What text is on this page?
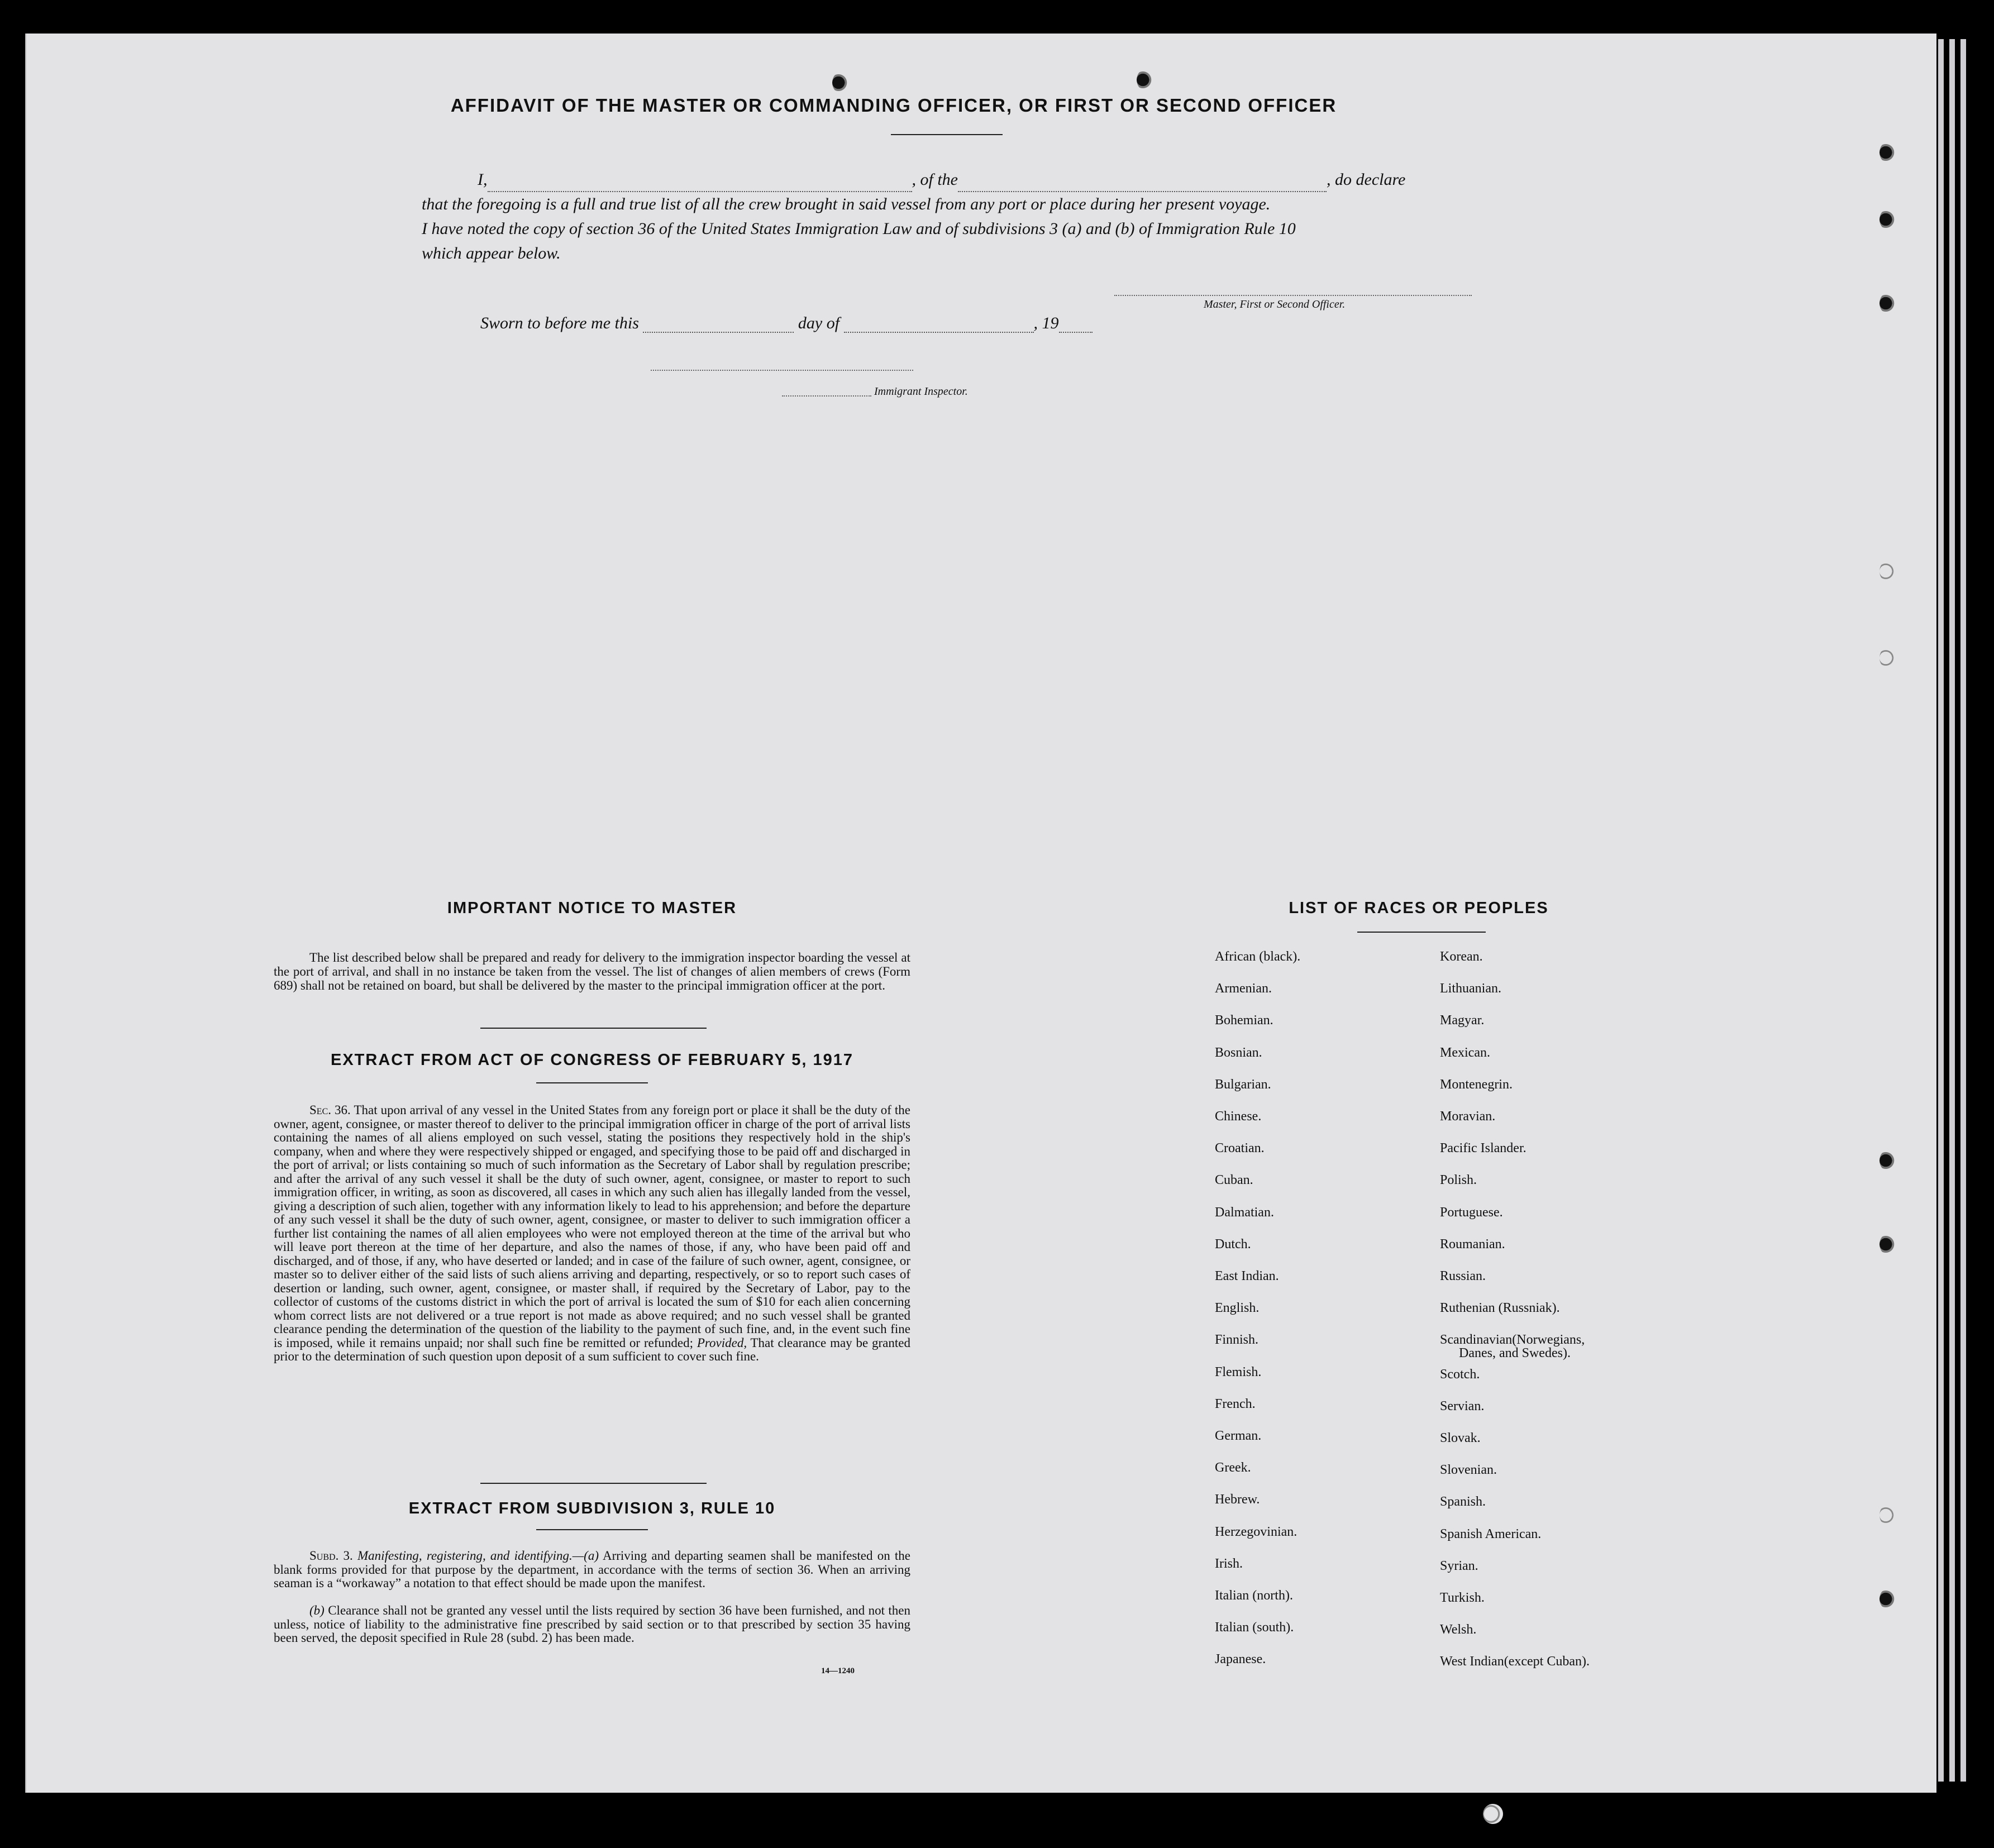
AFFIDAVIT OF THE MASTER OR COMMANDING OFFICER, OR FIRST OR SECOND OFFICER
I,	, of the	, do declare
that the foregoing is a full and true list of all the crew brought in said vessel from any port or place during her present voyage.
I have noted the copy of section 36 of the United States Immigration Law and of subdivisions 3 (a) and (b) of Immigration Rule 10
which appear below.
Master, First or Second Officer.
Sworn to before me this	day of	, 19
Immigrant Inspector.
IMPORTANT NOTICE TO MASTER
The list described below shall be prepared and ready for delivery to the immigration inspector boarding the vessel at the port of arrival, and shall in no instance be taken from the vessel. The list of changes of alien members of crews (Form 689) shall not be retained on board, but shall be delivered by the master to the principal immigration officer at the port.
EXTRACT FROM ACT OF CONGRESS OF FEBRUARY 5, 1917
Sec. 36. That upon arrival of any vessel in the United States from any foreign port or place it shall be the duty of the owner, agent, consignee, or master thereof to deliver to the principal immigration officer in charge of the port of arrival lists containing the names of all aliens employed on such vessel, stating the positions they respectively hold in the ship's company, when and where they were respectively shipped or engaged, and specifying those to be paid off and discharged in the port of arrival; or lists containing so much of such information as the Secretary of Labor shall by regulation prescribe; and after the arrival of any such vessel it shall be the duty of such owner, agent, consignee, or master to report to such immigration officer, in writing, as soon as discovered, all cases in which any such alien has illegally landed from the vessel, giving a description of such alien, together with any information likely to lead to his apprehension; and before the departure of any such vessel it shall be the duty of such owner, agent, consignee, or master to deliver to such immigration officer a further list containing the names of all alien employees who were not employed thereon at the time of the arrival but who will leave port thereon at the time of her departure, and also the names of those, if any, who have been paid off and discharged, and of those, if any, who have deserted or landed; and in case of the failure of such owner, agent, consignee, or master so to deliver either of the said lists of such aliens arriving and departing, respectively, or so to report such cases of desertion or landing, such owner, agent, consignee, or master shall, if required by the Secretary of Labor, pay to the collector of customs of the customs district in which the port of arrival is located the sum of $10 for each alien concerning whom correct lists are not delivered or a true report is not made as above required; and no such vessel shall be granted clearance pending the determination of the question of the liability to the payment of such fine, and, in the event such fine is imposed, while it remains unpaid; nor shall such fine be remitted or refunded; Provided, That clearance may be granted prior to the determination of such question upon deposit of a sum sufficient to cover such fine.
EXTRACT FROM SUBDIVISION 3, RULE 10
Subd. 3. Manifesting, registering, and identifying.—(a) Arriving and departing seamen shall be manifested on the blank forms provided for that purpose by the department, in accordance with the terms of section 36. When an arriving seaman is a “workaway” a notation to that effect should be made upon the manifest.
(b) Clearance shall not be granted any vessel until the lists required by section 36 have been furnished, and not then unless, notice of liability to the administrative fine prescribed by said section or to that prescribed by section 35 having been served, the deposit specified in Rule 28 (subd. 2) has been made.
14—1240
LIST OF RACES OR PEOPLES
African (black).
Armenian.
Bohemian.
Bosnian.
Bulgarian.
Chinese.
Croatian.
Cuban.
Dalmatian.
Dutch.
East Indian.
English.
Finnish.
Flemish.
French.
German.
Greek.
Hebrew.
Herzegovinian.
Irish.
Italian (north).
Italian (south).
Japanese.
Korean.
Lithuanian.
Magyar.
Mexican.
Montenegrin.
Moravian.
Pacific Islander.
Polish.
Portuguese.
Roumanian.
Russian.
Ruthenian (Russniak).
Scandinavian(Norwegians,
Danes, and Swedes).
Scotch.
Servian.
Slovak.
Slovenian.
Spanish.
Spanish American.
Syrian.
Turkish.
Welsh.
West Indian(except Cuban).
